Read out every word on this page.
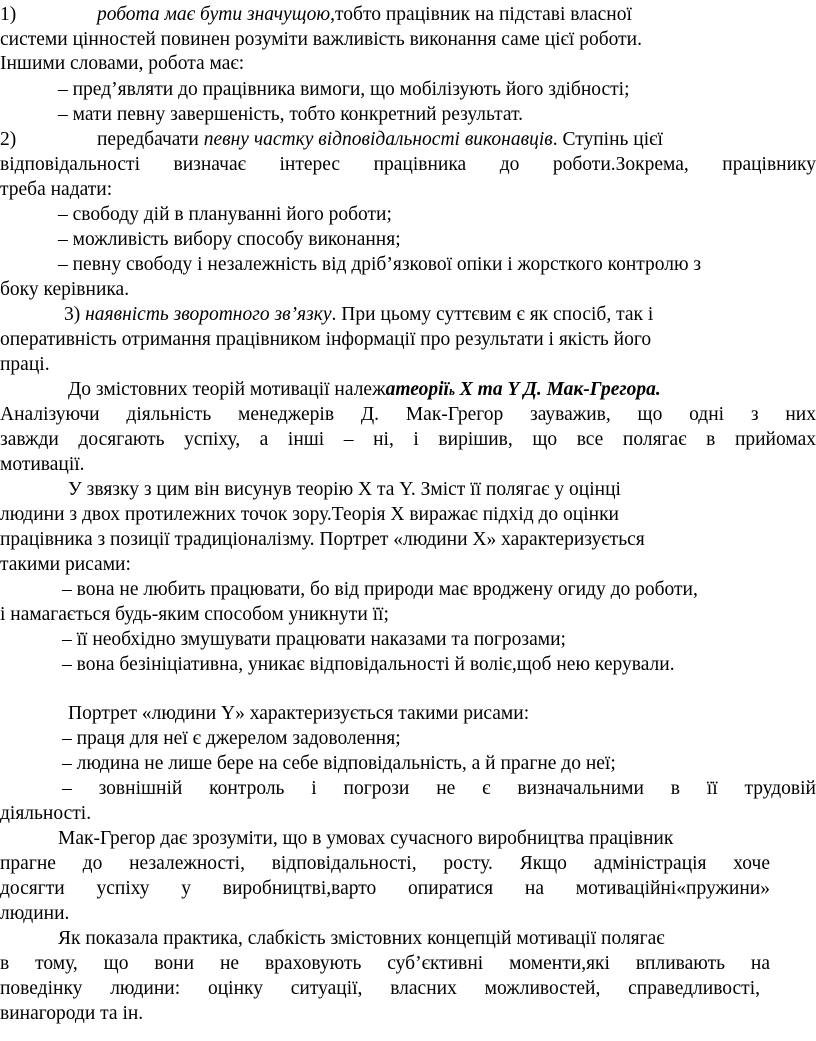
1)	робота має бути значущою,тобто працівник на підставі власної
системи цінностей повинен розуміти важливість виконання саме цієї роботи.
Іншими словами, робота має:
– пред’являти до працівника вимоги, що мобілізують його здібності;
– мати певну завершеність, тобто конкретний результат.
2)	передбачати певну частку відповідальності виконавців. Ступінь цієї
відповідальності визначає інтерес працівника до роботи.Зокрема, працівнику
треба надати:
– свободу дій в плануванні його роботи;
– можливість вибору способу виконання;
– певну свободу і незалежність від дріб’язкової опіки і жорсткого контролю з
боку керівника.
3) наявність зворотного зв’язку. При цьому суттєвим є як спосіб, так і
оперативність отримання працівником інформації про результати і якість його
праці.
До змістовних теорій мотивації належатеоріїь Х та Y Д. Мак-Грегора.
Аналізуючи діяльність менеджерів Д. Мак-Грегор зауважив, що одні з них
завжди досягають успіху, а інші – ні, і вирішив, що все полягає в прийомах
мотивації.
У звязку з цим він висунув теорію Х та Y. Зміст її полягає у оцінці
людини з двох протилежних точок зору.Теорія Х виражає підхід до оцінки
працівника з позиції традиціоналізму. Портрет «людини Х» характеризується
такими рисами:
– вона не любить працювати, бо від природи має вроджену огиду до роботи,
і намагається будь-яким способом уникнути її;
– її необхідно змушувати працювати наказами та погрозами;
– вона безініціативна, уникає відповідальності й воліє,щоб нею керували.
Портрет «людини Y» характеризується такими рисами:
– праця для неї є джерелом задоволення;
– людина не лише бере на себе відповідальність, а й прагне до неї;
– зовнішній контроль і погрози не є визначальними в її трудовій
діяльності.
Мак-Грегор дає зрозуміти, що в умовах сучасного виробництва працівник
прагне до незалежності, відповідальності, росту. Якщо адміністрація хоче
досягти успіху у виробництві,варто опиратися на мотиваційні«пружини»
людини.
Як показала практика, слабкість змістовних концепцій мотивації полягає
в тому, що вони не враховують суб’єктивні моменти,які впливають на
поведінку людини: оцінку ситуації, власних можливостей, справедливості,
винагороди та ін.
